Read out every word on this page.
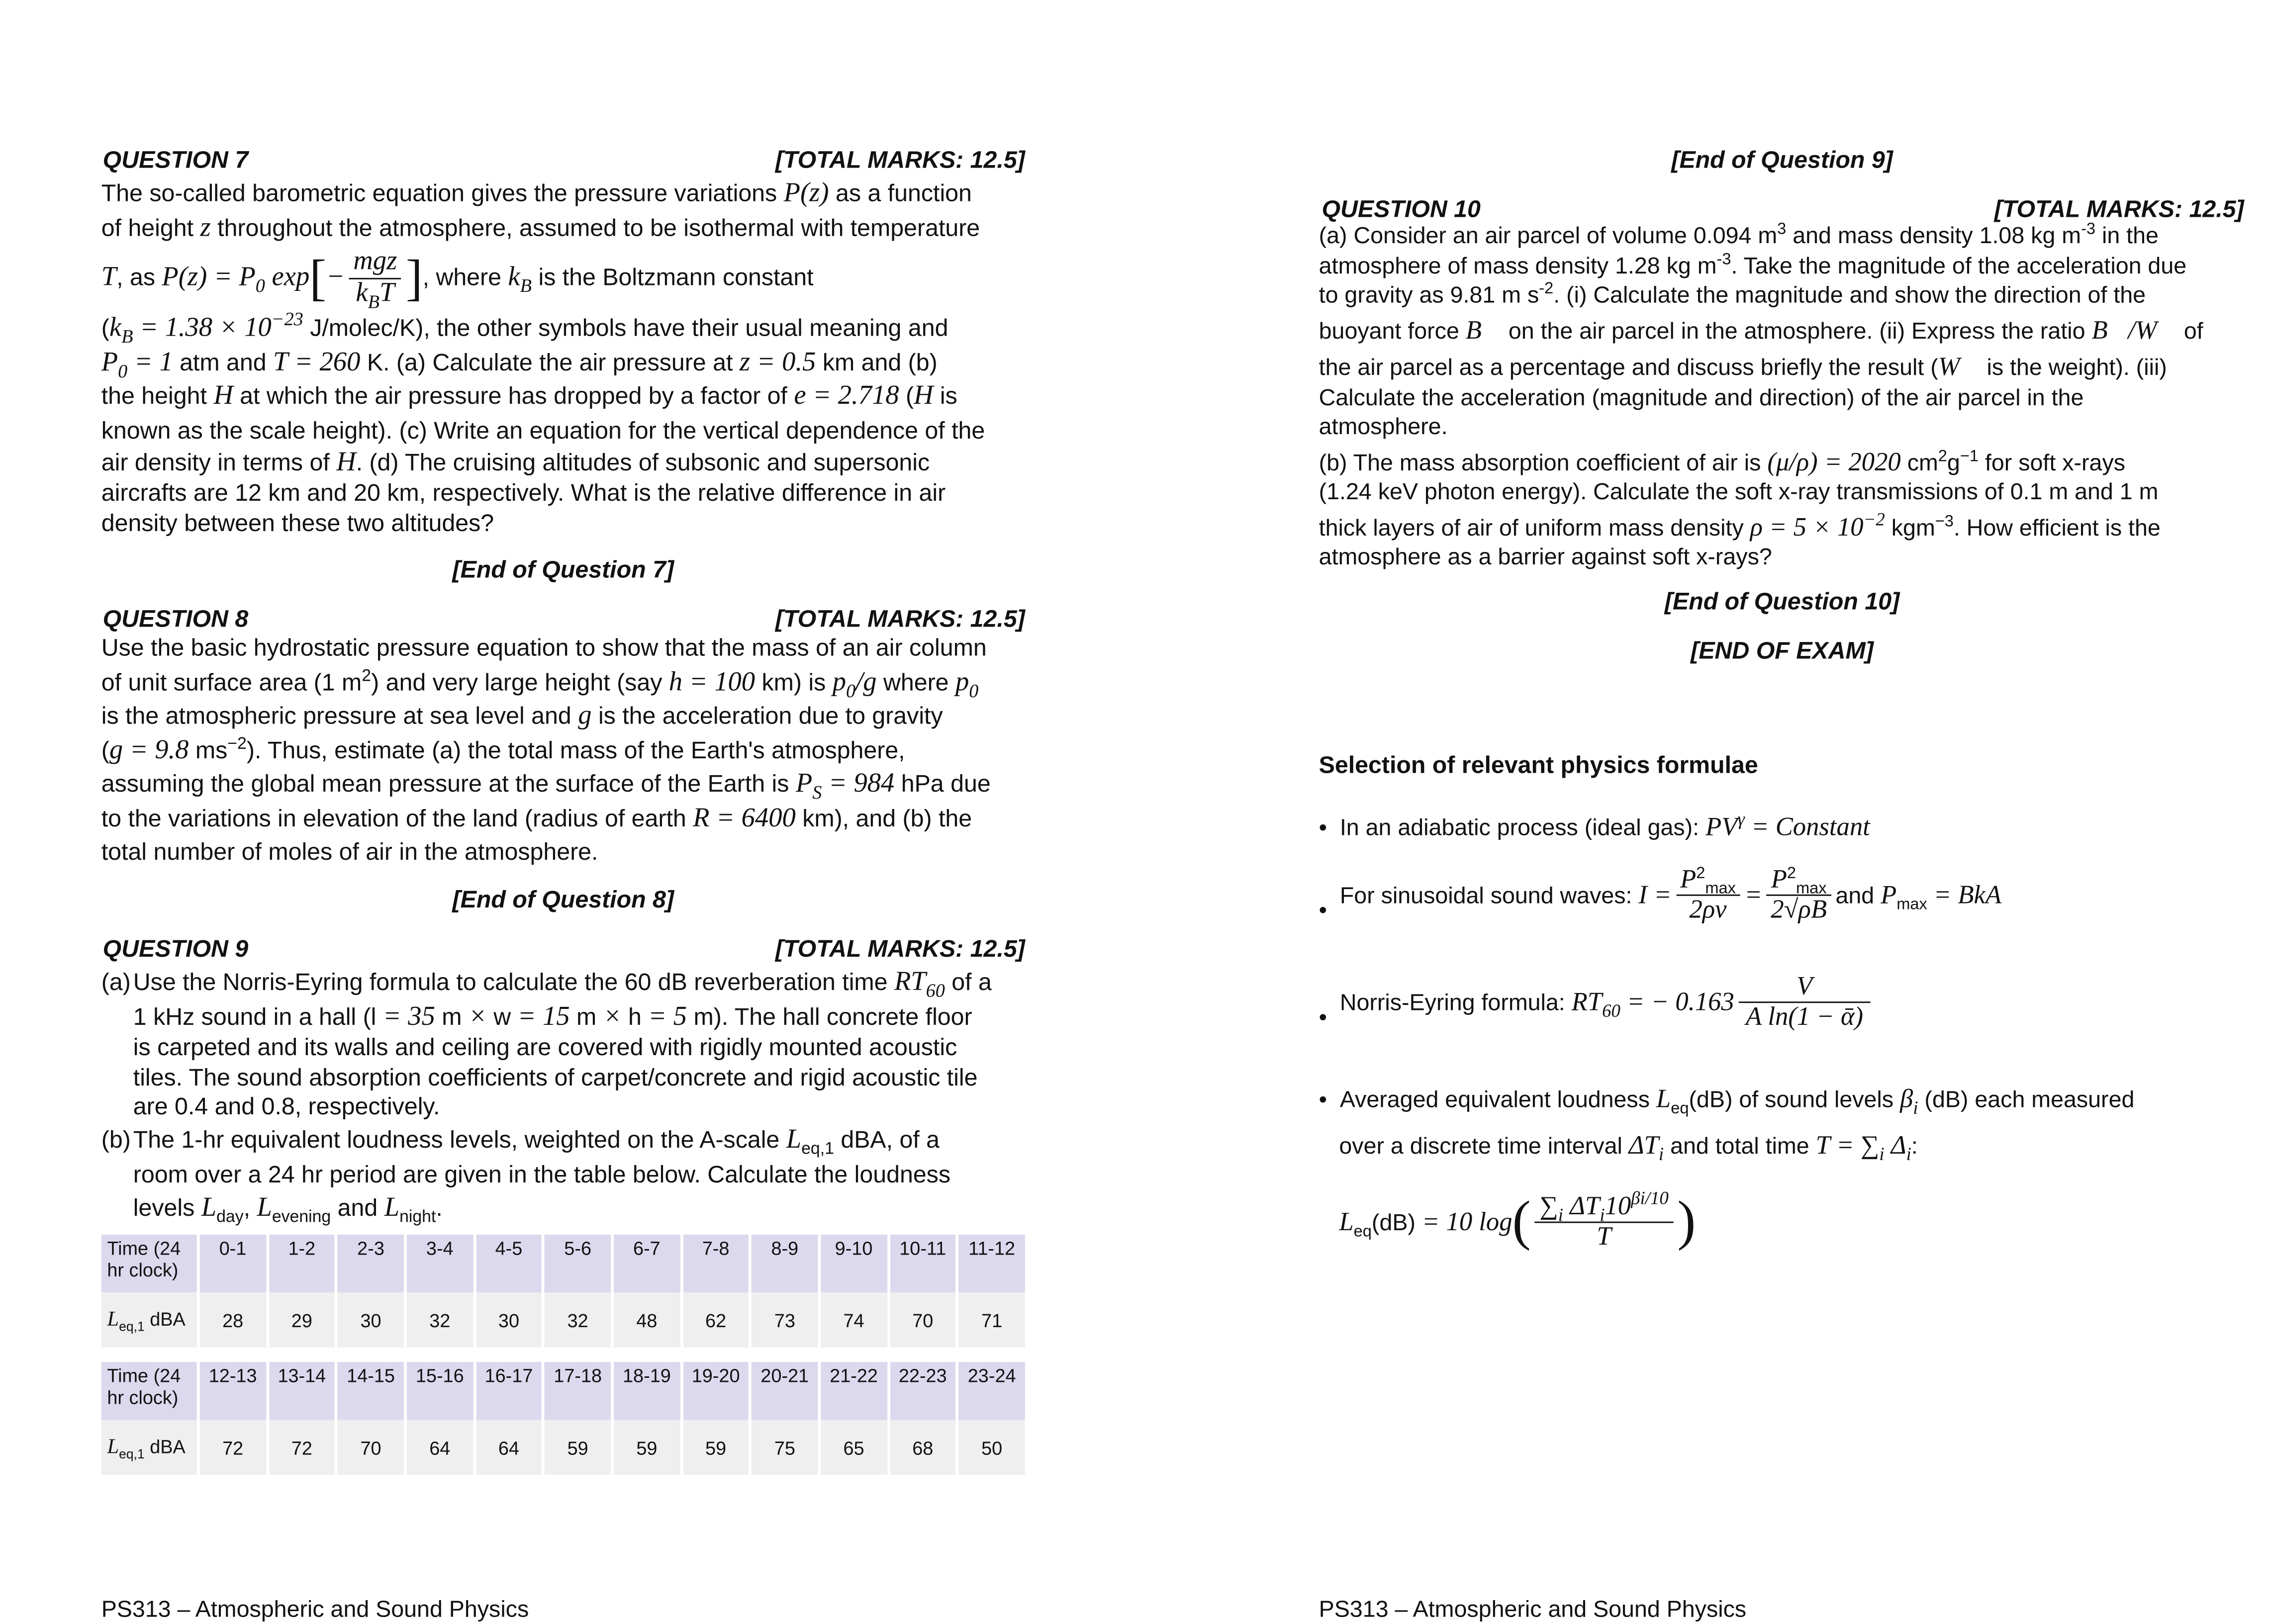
QUESTION 7	[TOTAL MARKS: 12.5]
The so-called barometric equation gives the pressure variations P(z) as a function
of height z throughout the atmosphere, assumed to be isothermal with temperature
T, as $P(z) = P_0$ $\exp[- \frac{\text{mgz}}{k_BT}$ ], where $k_B$ is the Boltzmann constant
($k_B = 1.38 \times 10^{-23}$ J/molec/K), the other symbols have their usual meaning and
$P_0 = 1$ atm and T = 260 K. (a) Calculate the air pressure at z = 0.5 km and (b)
the height H at which the air pressure has dropped by a factor of e = 2.718 (H is
known as the scale height). (c) Write an equation for the vertical dependence of the
air density in terms of H. (d) The cruising altitudes of subsonic and supersonic
aircrafts are 12 km and 20 km, respectively. What is the relative difference in air
density between these two altitudes?
[End of Question 7]
QUESTION 8	[TOTAL MARKS: 12.5]
Use the basic hydrostatic pressure equation to show that the mass of an air column
of unit surface area (1 $m^2$) and very large height (say h = 100 km) is $p_0/g$ where $p_0$
is the atmospheric pressure at sea level and g is the acceleration due to gravity
(g = 9.8 $ms^{-2}$). Thus, estimate (a) the total mass of the Earth's atmosphere,
assuming the global mean pressure at the surface of the Earth is $P_S = 984$ hPa due
to the variations in elevation of the land (radius of earth R = 6400 km), and (b) the
total number of moles of air in the atmosphere.
[End of Question 8]
QUESTION 9	[TOTAL MARKS: 12.5]
(a) Use the Norris-Eyring formula to calculate the 60 dB reverberation time $RT_{60}$ of a
1 kHz sound in a hall (l = 35 m × w = 15 m × h = 5 m). The hall concrete floor
is carpeted and its walls and ceiling are covered with rigidly mounted acoustic
tiles. The sound absorption coefficients of carpet/concrete and rigid acoustic tile
are 0.4 and 0.8, respectively.
(b) The 1-hr equivalent loudness levels, weighted on the A-scale $L_{eq,1}$ dBA, of a
room over a 24 hr period are given in the table below. Calculate the loudness
levels $L_{day}$, $L_{evening}$ and $L_{night}$.
Time (24 hr clock)	0-1	1-2	2-3	3-4	4-5	5-6	6-7	7-8	8-9	9-10	10-11	11-12
$L_{eq,1}$ dBA	28	29	30	32	30	32	48	62	73	74	70	71

Time (24 hr clock)	12-13	13-14	14-15	15-16	16-17	17-18	18-19	19-20	20-21	21-22	22-23	23-24
$L_{eq,1}$ dBA	72	72	70	64	64	59	59	59	75	65	68	50
PS313 – Atmospheric and Sound Physics
[End of Question 9]
QUESTION 10	[TOTAL MARKS: 12.5]
(a) Consider an air parcel of volume 0.094 $m^3$ and mass density 1.08 kg $m^{-3}$ in the
atmosphere of mass density 1.28 kg $m^{-3}$. Take the magnitude of the acceleration due
to gravity as 9.81 m $s^{-2}$. (i) Calculate the magnitude and show the direction of the
buoyant force B⃗ on the air parcel in the atmosphere. (ii) Express the ratio B⃗/W⃗ of
the air parcel as a percentage and discuss briefly the result (W⃗ is the weight). (iii)
Calculate the acceleration (magnitude and direction) of the air parcel in the
atmosphere.
(b) The mass absorption coefficient of air is (μ/ρ) = 2020 $cm^2g^{-1}$ for soft x-rays
(1.24 keV photon energy). Calculate the soft x-ray transmissions of 0.1 m and 1 m
thick layers of air of uniform mass density $\rho = 5 \times 10^{-2}$ kgm$^{-3}$. How efficient is the
atmosphere as a barrier against soft x-rays?
[End of Question 10]
[END OF EXAM]
Selection of relevant physics formulae
•  In an adiabatic process (ideal gas): $PV^\gamma$ = Constant
•
For sinusoidal sound waves: $I = \frac{P^2_{max}}{2\rho v} = \frac{P^2_{max}}{2√\rho B}$ and $P_{max}$ = BkA
•
Norris-Eyring formula: $RT_{60}$ = − $0.163 \frac{V}{\text{A ln(1 − ᾱ)}}$
•  Averaged equivalent loudness $L_{eq}(dB)$ of sound levels $\beta_i$ (dB) each measured
over a discrete time interval $\Delta T_i$ and total time $T = \sum_i$ $\Delta_i$:
$L_{eq}(dB) = 10$ log ( $\frac{\sum_i \Delta T_i10^{\beta i/10}}{T}$ )
PS313 – Atmospheric and Sound Physics
